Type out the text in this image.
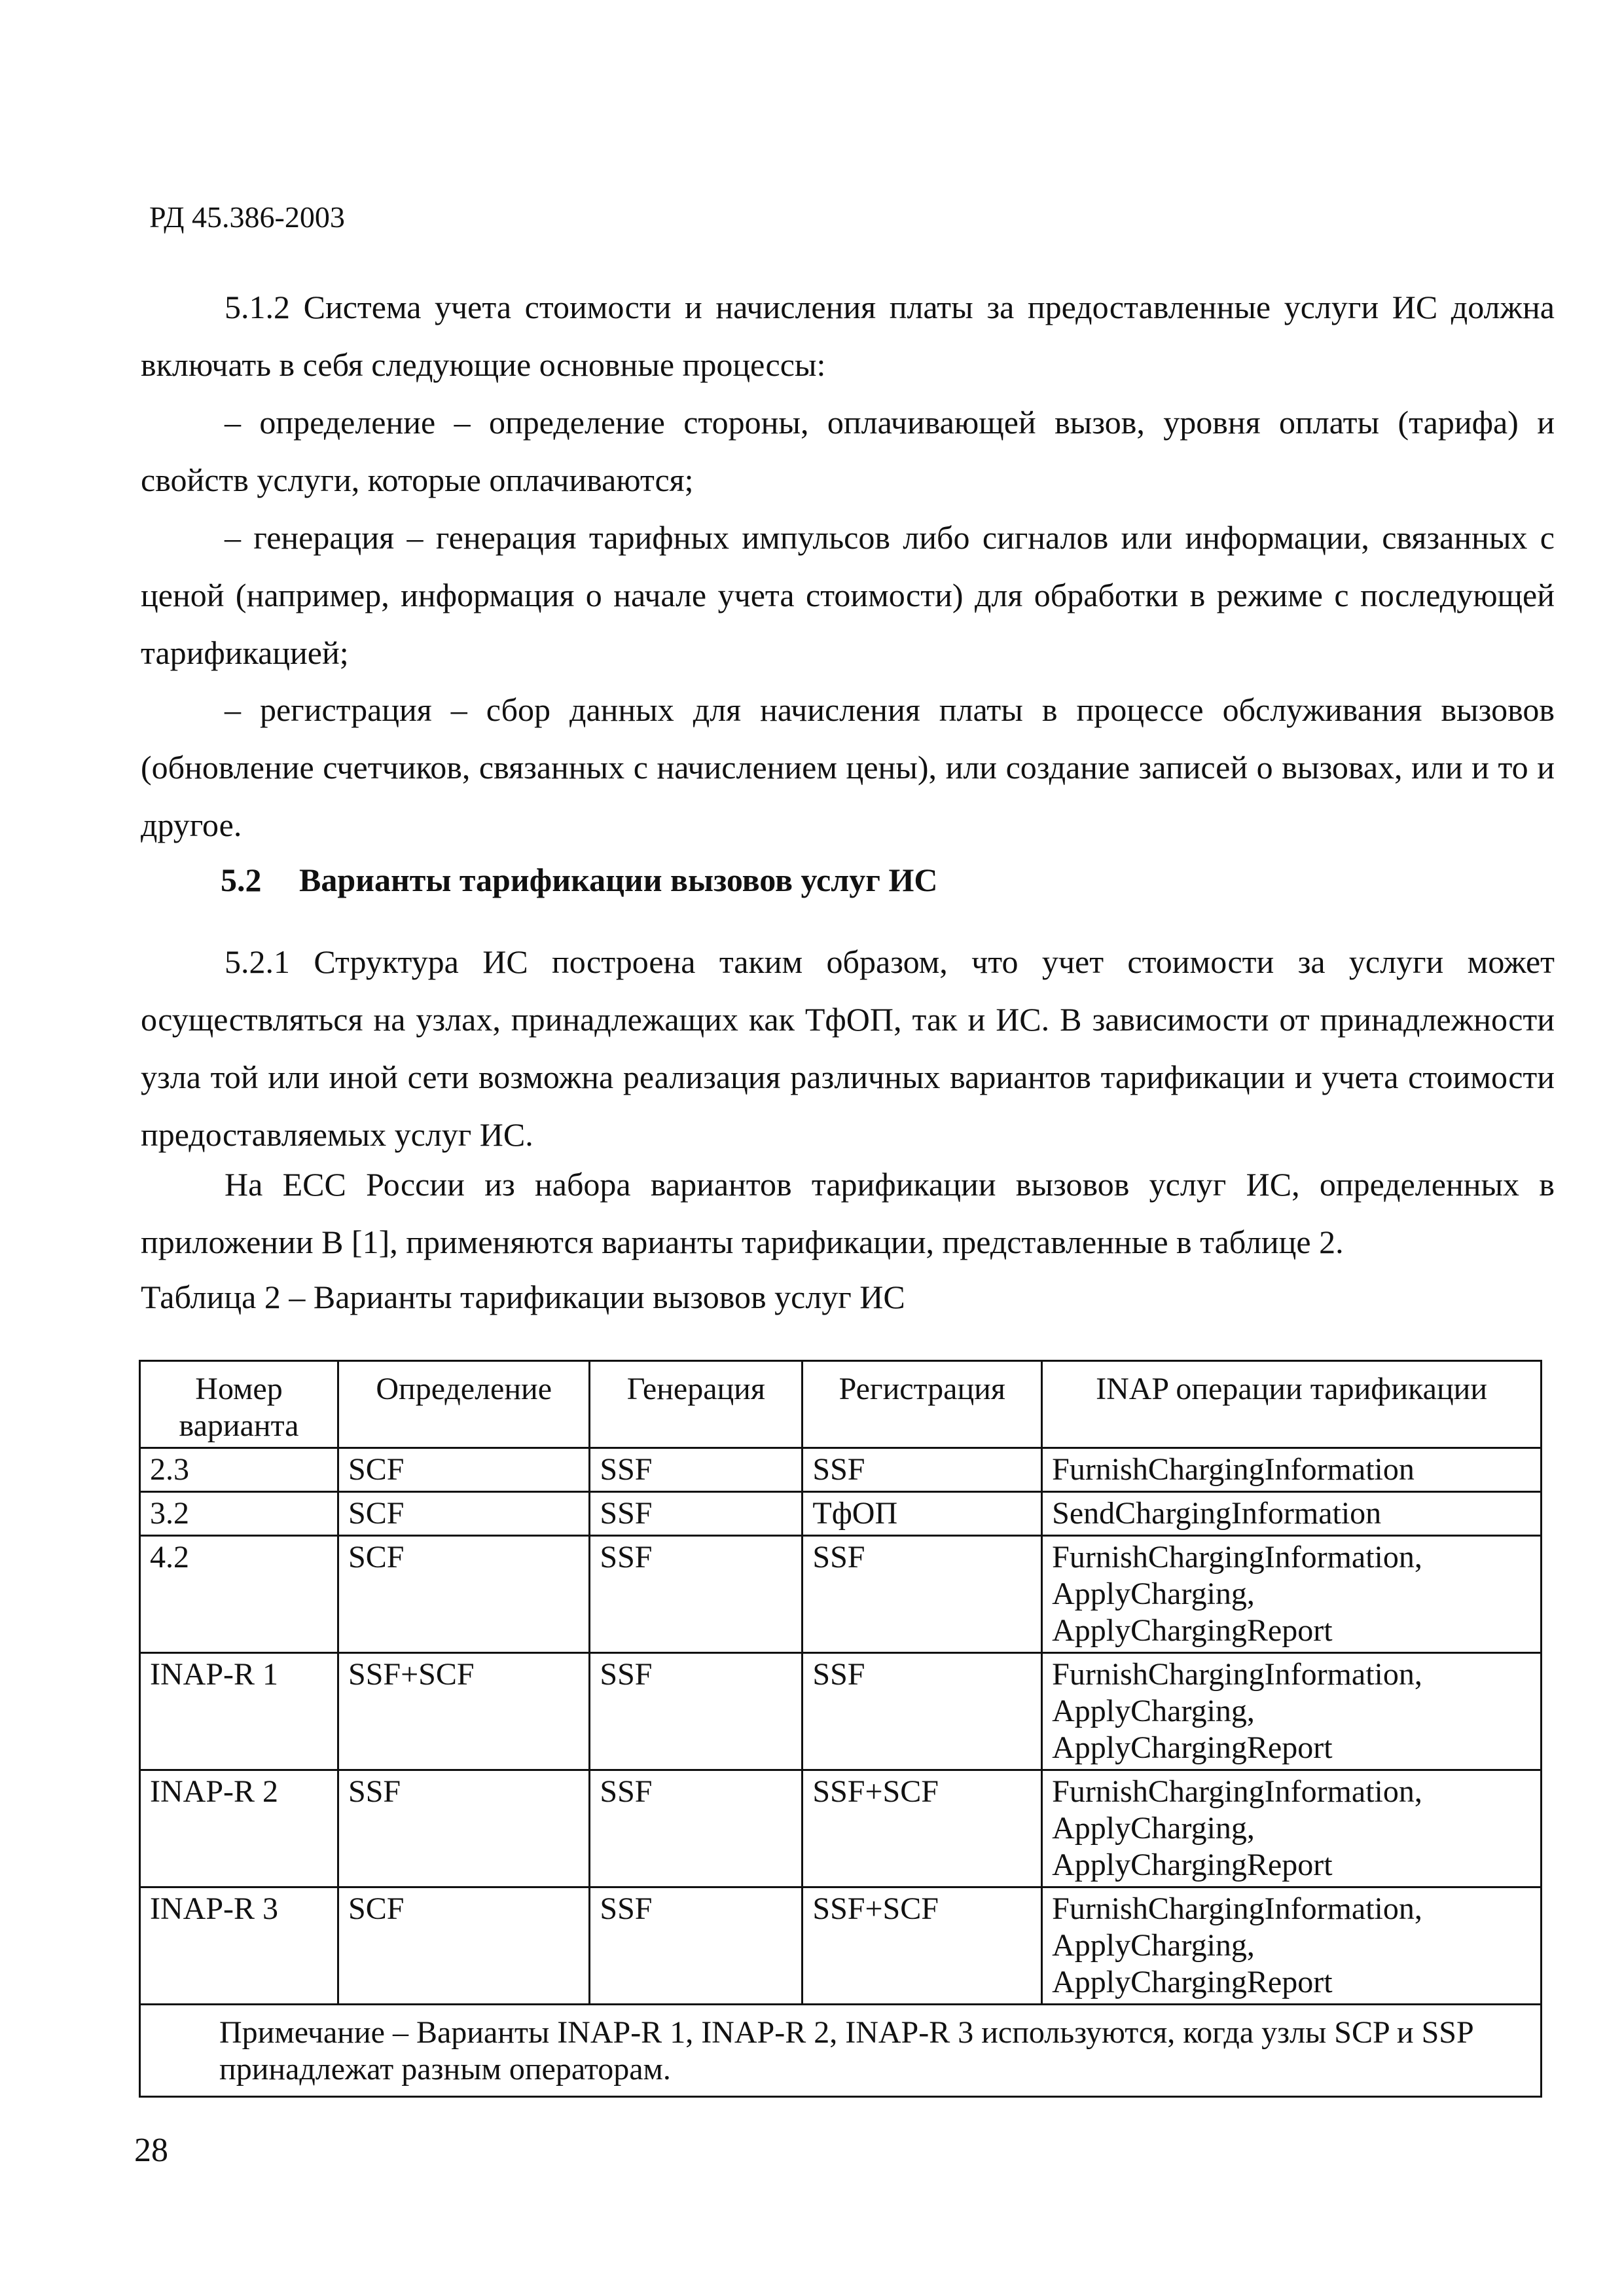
РД 45.386-2003
5.1.2 Система учета стоимости и начисления платы за предоставленные услуги ИС должна включать в себя следующие основные процессы:
– определение – определение стороны, оплачивающей вызов, уровня оплаты (тарифа) и свойств услуги, которые оплачиваются;
– генерация – генерация тарифных импульсов либо сигналов или информации, связанных с ценой (например, информация о начале учета стоимости) для обработки в режиме с последующей тарификацией;
– регистрация – сбор данных для начисления платы в процессе обслуживания вызовов (обновление счетчиков, связанных с начислением цены), или создание записей о вызовах, или и то и другое.
5.2 Варианты тарификации вызовов услуг ИС
5.2.1 Структура ИС построена таким образом, что учет стоимости за услуги может осуществляться на узлах, принадлежащих как ТфОП, так и ИС. В зависимости от принадлежности узла той или иной сети возможна реализация различных вариантов тарификации и учета стоимости предоставляемых услуг ИС.
На ЕСС России из набора вариантов тарификации вызовов услуг ИС, определенных в приложении В [1], применяются варианты тарификации, представленные в таблице 2.
Таблица 2 – Варианты тарификации вызовов услуг ИС
Номер варианта	Определение	Генерация	Регистрация	INAP операции тарификации
2.3	SCF	SSF	SSF	FurnishChargingInformation

3.2	SCF	SSF	ТфОП	SendChargingInformation

4.2	SCF	SSF	SSF	FurnishChargingInformation,
ApplyCharging,
ApplyChargingReport

INAP-R 1	SSF+SCF	SSF	SSF	FurnishChargingInformation,
ApplyCharging,
ApplyChargingReport

INAP-R 2	SSF	SSF	SSF+SCF	FurnishChargingInformation,
ApplyCharging,
ApplyChargingReport

INAP-R 3	SCF	SSF	SSF+SCF	FurnishChargingInformation,
ApplyCharging,
ApplyChargingReport

Примечание – Варианты INAP-R 1, INAP-R 2, INAP-R 3 используются, когда узлы SCP и SSP принадлежат разным операторам.				
28
